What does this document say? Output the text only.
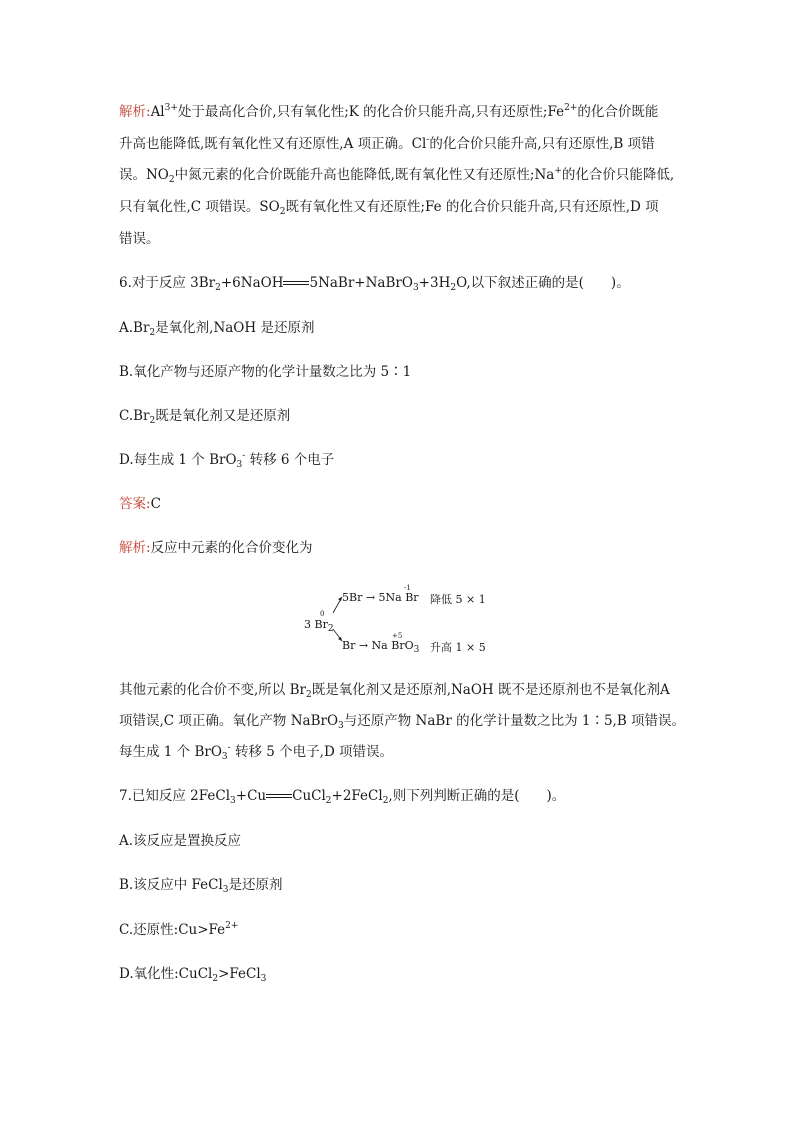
解析$:Al^{3+}$处于最高化合价,只有氧化性;K 的化合价只能升高,只有还原性$;Fe^{2+}$的化合价既能
升高也能降低,既有氧化性又有还原性,A 项正确。Cl-的化合价只能升高,只有还原性,B 项错
误。$NO_2$中氮元素的化合价既能升高也能降低,既有氧化性又有还原性;Na+的化合价只能降低,
只有氧化性,C 项错误。$SO_2$既有氧化性又有还原性;Fe 的化合价只能升高,只有还原性,D 项
错误。
6.对于反应 $3Br_2+6NaOH$ $5NaBr+NaBrO_3+3H_2O$,以下叙述正确的是(　　)。
$A.Br_2$是氧化剂,NaOH 是还原剂
B.氧化产物与还原产物的化学计量数之比为 5∶1
$C.Br_2$既是氧化剂又是还原剂
D.每生成 1 个 BrO$_3$- 转移 6 个电子
答案:C
解析:反应中元素的化合价变化为
0
3 $Br_2$
-1
5Br → 5Na Br 降低 5 × 1
+5
Br → Na BrO$_3$ 升高 1 × 5
其他元素的化合价不变,所以 $Br_2$既是氧化剂又是还原剂,NaOH 既不是还原剂也不是氧化剂A
项错误,C 项正确。氧化产物 NaBrO$_3$与还原产物 NaBr 的化学计量数之比为 1∶5,B 项错误。
每生成 1 个 BrO$_3$- 转移 5 个电子,D 项错误。
7.已知反应 2FeCl$_3$+Cu CuCl$_2$+2FeCl$_2$,则下列判断正确的是(　　)。
A.该反应是置换反应
B.该反应中 FeCl$_3$是还原剂
C.还原性$:Cu>Fe^{2+}$
D.氧化性:CuCl$_2$>FeCl$_3$
